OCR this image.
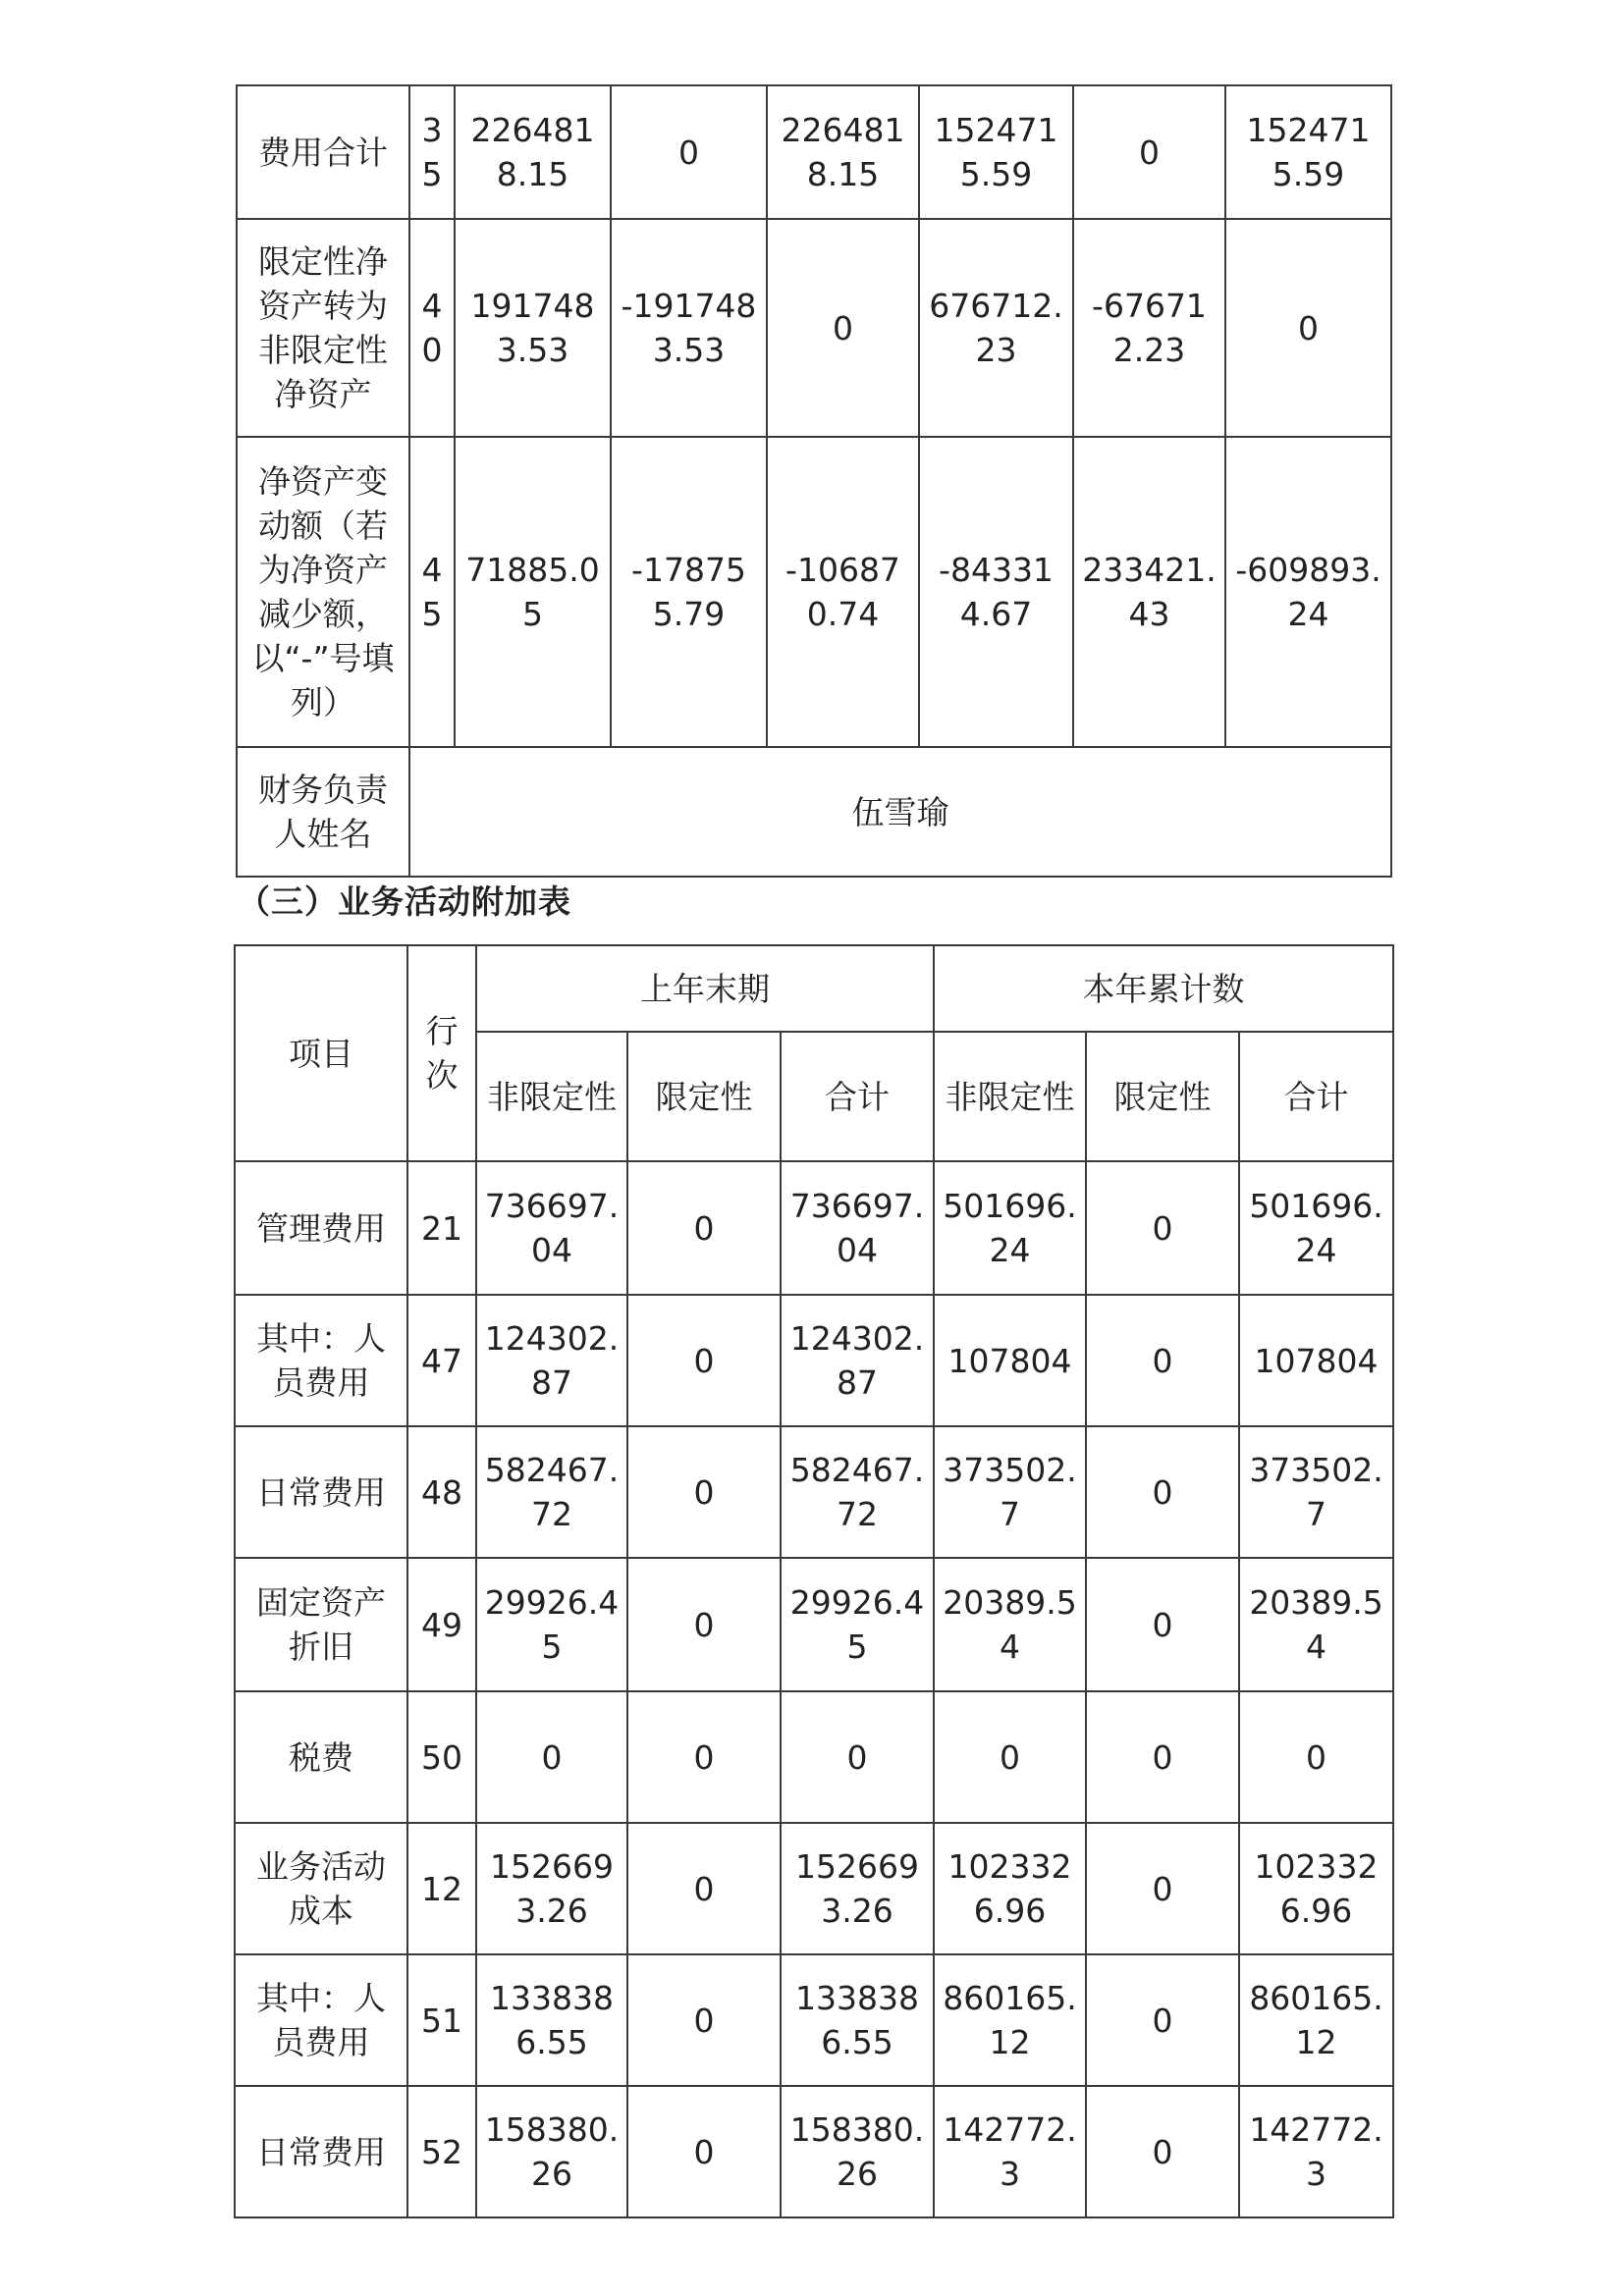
费用合计	35	2264818.15	0	2264818.15	1524715.59	0	1524715.59
限定性净资产转为非限定性净资产	40	1917483.53	-1917483.53	0	676712.23	-676712.23	0
净资产变动额（若为净资产减少额，以“-”号填列）	45	71885.05	-178755.79	-106870.74	-843314.67	233421.43	-609893.24
财务负责人姓名	伍雪瑜						
（三）业务活动附加表
项目	行次	上年末期			本年累计数		
		非限定性	限定性	合计	非限定性	限定性	合计
管理费用	21	736697.04	0	736697.04	501696.24	0	501696.24
其中：人员费用	47	124302.87	0	124302.87	107804	0	107804
日常费用	48	582467.72	0	582467.72	373502.7	0	373502.7
固定资产折旧	49	29926.45	0	29926.45	20389.54	0	20389.54
税费	50	0	0	0	0	0	0
业务活动成本	12	1526693.26	0	1526693.26	1023326.96	0	1023326.96
其中：人员费用	51	1338386.55	0	1338386.55	860165.12	0	860165.12
日常费用	52	158380.26	0	158380.26	142772.3	0	142772.3
